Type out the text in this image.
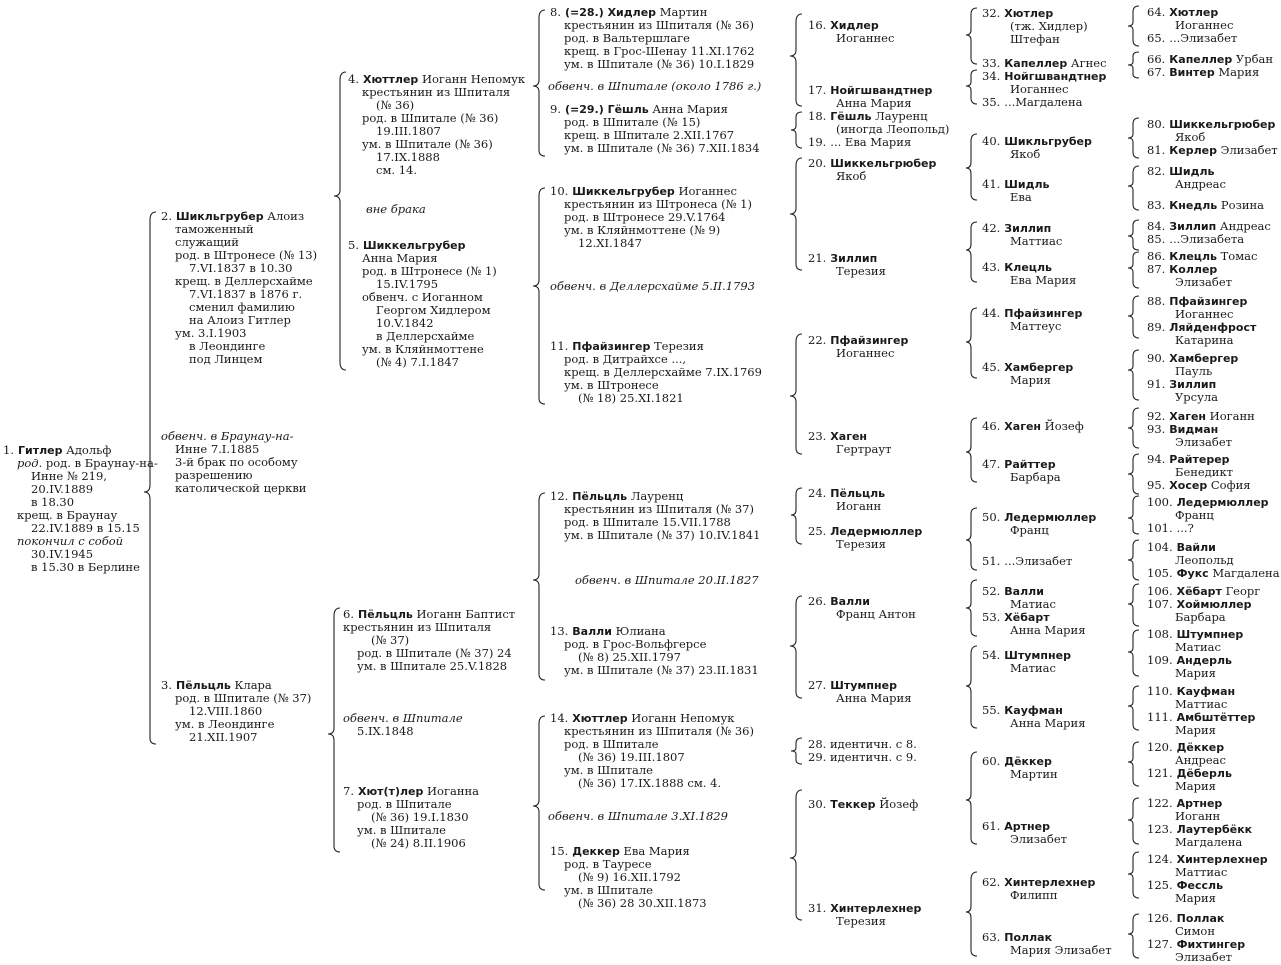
1. Гитлер Адольф
род. род. в Браунау-на-
Инне № 219,
20.IV.1889
в 18.30
крещ. в Браунау
22.IV.1889 в 15.15
покончил с собой
30.IV.1945
в 15.30 в Берлине
2. Шикльгрубер Алоиз
таможенный
служащий
род. в Штронесе (№ 13)
7.VI.1837 в 10.30
крещ. в Деллерсхайме
7.VI.1837 в 1876 г.
сменил фамилию
на Алоиз Гитлер
ум. 3.I.1903
в Леондинге
под Линцем
обвенч. в Браунау-на-
Инне 7.I.1885
3-й брак по особому
разрешению
католической церкви
3. Пёльцль Клара
род. в Шпитале (№ 37)
12.VIII.1860
ум. в Леондинге
21.XII.1907
4. Хюттлер Иоганн Непомук
крестьянин из Шпиталя
(№ 36)
род. в Шпитале (№ 36)
19.III.1807
ум. в Шпитале (№ 36)
17.IX.1888
см. 14.
вне брака
5. Шиккельгрубер
Анна Мария
род. в Штронесе (№ 1)
15.IV.1795
обвенч. с Иоганном
Георгом Хидлером
10.V.1842
в Деллерсхайме
ум. в Кляйнмоттене
(№ 4) 7.I.1847
6. Пёльцль Иоганн Баптист
крестьянин из Шпиталя
(№ 37)
род. в Шпитале (№ 37) 24
ум. в Шпитале 25.V.1828
обвенч. в Шпитале
5.IX.1848
7. Хют(т)лер Иоганна
род. в Шпитале
(№ 36) 19.I.1830
ум. в Шпитале
(№ 24) 8.II.1906
8. (=28.) Хидлер Мартин
крестьянин из Шпиталя (№ 36)
род. в Вальтершлаге
крещ. в Грос-Шенау 11.XI.1762
ум. в Шпитале (№ 36) 10.I.1829
обвенч. в Шпитале (около 1786 г.)
9. (=29.) Гёшль Анна Мария
род. в Шпитале (№ 15)
крещ. в Шпитале 2.XII.1767
ум. в Шпитале (№ 36) 7.XII.1834
10. Шиккельгрубер Иоганнес
крестьянин из Штронеса (№ 1)
род. в Штронесе 29.V.1764
ум. в Кляйнмоттене (№ 9)
12.XI.1847
обвенч. в Деллерсхайме 5.II.1793
11. Пфайзингер Терезия
род. в Дитрайхсе ...,
крещ. в Деллерсхайме 7.IX.1769
ум. в Штронесе
(№ 18) 25.XI.1821
12. Пёльцль Лауренц
крестьянин из Шпиталя (№ 37)
род. в Шпитале 15.VII.1788
ум. в Шпитале (№ 37) 10.IV.1841
обвенч. в Шпитале 20.II.1827
13. Валли Юлиана
род. в Грос-Вольфгерсе
(№ 8) 25.XII.1797
ум. в Шпитале (№ 37) 23.II.1831
14. Хюттлер Иоганн Непомук
крестьянин из Шпиталя (№ 36)
род. в Шпитале
(№ 36) 19.III.1807
ум. в Шпитале
(№ 36) 17.IX.1888 см. 4.
обвенч. в Шпитале 3.XI.1829
15. Деккер Ева Мария
род. в Тауресе
(№ 9) 16.XII.1792
ум. в Шпитале
(№ 36) 28 30.XII.1873
16. Хидлер
Иоганнес
17. Нойгшвандтнер
Анна Мария
18. Гёшль Лауренц
(иногда Леопольд)
19. ... Ева Мария
20. Шиккельгрюбер
Якоб
21. Зиллип
Терезия
22. Пфайзингер
Иоганнес
23. Хаген
Гертраут
24. Пёльцль
Иоганн
25. Ледермюллер
Терезия
26. Валли
Франц Антон
27. Штумпнер
Анна Мария
28. идентичн. с 8.
29. идентичн. с 9.
30. Теккер Йозеф
31. Хинтерлехнер
Терезия
32. Хютлер
(тж. Хидлер)
Штефан
33. Капеллер Агнес
34. Нойгшвандтнер
Иоганнес
35. ...Магдалена
40. Шикльгрубер
Якоб
41. Шидль
Ева
42. Зиллип
Маттиас
43. Клецль
Ева Мария
44. Пфайзингер
Маттеус
45. Хамбергер
Мария
46. Хаген Йозеф
47. Райттер
Барбара
50. Ледермюллер
Франц
51. ...Элизабет
52. Валли
Матиас
53. Хёбарт
Анна Мария
54. Штумпнер
Матиас
55. Кауфман
Анна Мария
60. Дёккер
Мартин
61. Артнер
Элизабет
62. Хинтерлехнер
Филипп
63. Поллак
Мария Элизабет
64. Хютлер
Иоганнес
65. ...Элизабет
66. Капеллер Урбан
67. Винтер Мария
80. Шиккельгрюбер
Якоб
81. Керлер Элизабет
82. Шидль
Андреас
83. Кнедль Розина
84. Зиллип Андреас
85. ...Элизабета
86. Клецль Томас
87. Коллер
Элизабет
88. Пфайзингер
Иоганнес
89. Ляйденфрост
Катарина
90. Хамбергер
Пауль
91. Зиллип
Урсула
92. Хаген Иоганн
93. Видман
Элизабет
94. Райтерер
Бенедикт
95. Хосер София
100. Ледермюллер
Франц
101. ...?
104. Вайли
Леопольд
105. Фукс Магдалена
106. Хёбарт Георг
107. Хоймюллер
Барбара
108. Штумпнер
Матиас
109. Андерль
Мария
110. Кауфман
Маттиас
111. Амбштёттер
Мария
120. Дёккер
Андреас
121. Дёберль
Мария
122. Артнер
Иоганн
123. Лаутербёкк
Магдалена
124. Хинтерлехнер
Маттиас
125. Фессль
Мария
126. Поллак
Симон
127. Фихтингер
Элизабет
